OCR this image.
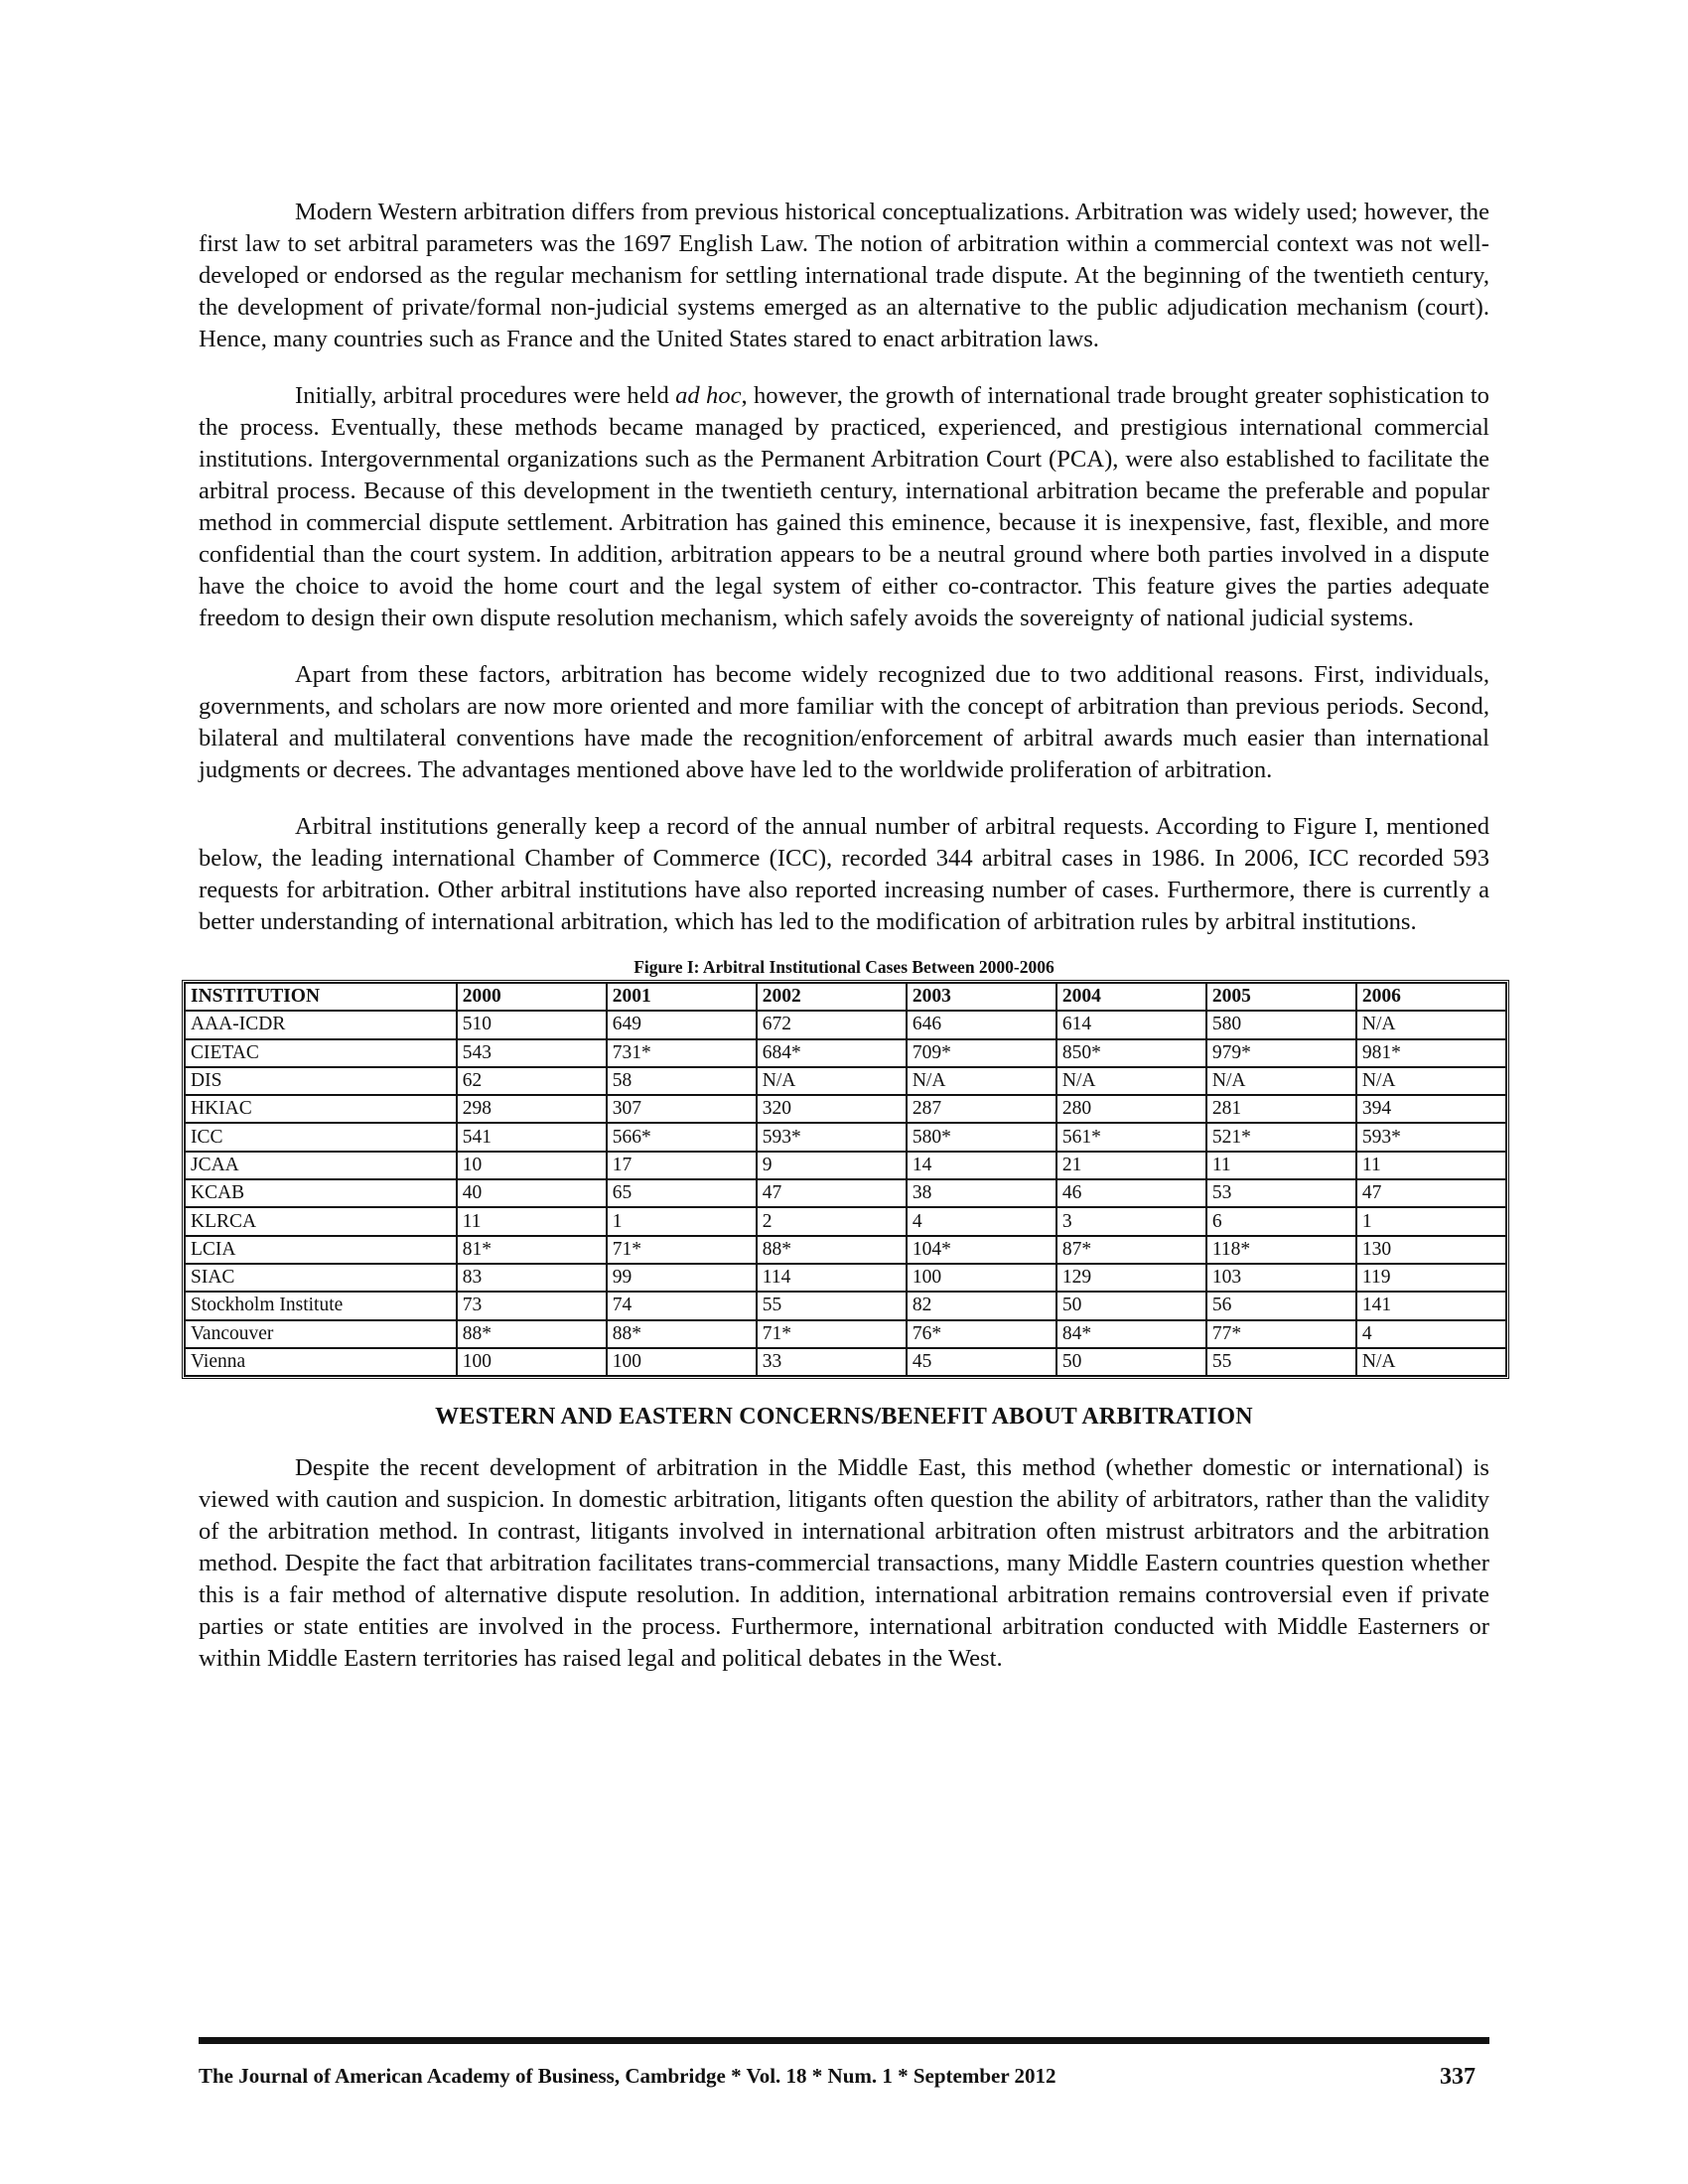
Modern Western arbitration differs from previous historical conceptualizations. Arbitration was widely used; however, the first law to set arbitral parameters was the 1697 English Law. The notion of arbitration within a commercial context was not well-developed or endorsed as the regular mechanism for settling international trade dispute. At the beginning of the twentieth century, the development of private/formal non-judicial systems emerged as an alternative to the public adjudication mechanism (court). Hence, many countries such as France and the United States stared to enact arbitration laws.

Initially, arbitral procedures were held ad hoc, however, the growth of international trade brought greater sophistication to the process. Eventually, these methods became managed by practiced, experienced, and prestigious international commercial institutions. Intergovernmental organizations such as the Permanent Arbitration Court (PCA), were also established to facilitate the arbitral process. Because of this development in the twentieth century, international arbitration became the preferable and popular method in commercial dispute settlement. Arbitration has gained this eminence, because it is inexpensive, fast, flexible, and more confidential than the court system. In addition, arbitration appears to be a neutral ground where both parties involved in a dispute have the choice to avoid the home court and the legal system of either co-contractor. This feature gives the parties adequate freedom to design their own dispute resolution mechanism, which safely avoids the sovereignty of national judicial systems.

Apart from these factors, arbitration has become widely recognized due to two additional reasons. First, individuals, governments, and scholars are now more oriented and more familiar with the concept of arbitration than previous periods. Second, bilateral and multilateral conventions have made the recognition/enforcement of arbitral awards much easier than international judgments or decrees. The advantages mentioned above have led to the worldwide proliferation of arbitration.

Arbitral institutions generally keep a record of the annual number of arbitral requests. According to Figure I, mentioned below, the leading international Chamber of Commerce (ICC), recorded 344 arbitral cases in 1986. In 2006, ICC recorded 593 requests for arbitration. Other arbitral institutions have also reported increasing number of cases. Furthermore, there is currently a better understanding of international arbitration, which has led to the modification of arbitration rules by arbitral institutions.

Figure I: Arbitral Institutional Cases Between 2000-2006
INSTITUTION	2000	2001	2002	2003	2004	2005	2006
AAA-ICDR	510	649	672	646	614	580	N/A
CIETAC	543	731*	684*	709*	850*	979*	981*
DIS	62	58	N/A	N/A	N/A	N/A	N/A
HKIAC	298	307	320	287	280	281	394
ICC	541	566*	593*	580*	561*	521*	593*
JCAA	10	17	9	14	21	11	11
KCAB	40	65	47	38	46	53	47
KLRCA	11	1	2	4	3	6	1
LCIA	81*	71*	88*	104*	87*	118*	130
SIAC	83	99	114	100	129	103	119
Stockholm Institute	73	74	55	82	50	56	141
Vancouver	88*	88*	71*	76*	84*	77*	4
Vienna	100	100	33	45	50	55	N/A
WESTERN AND EASTERN CONCERNS/BENEFIT ABOUT ARBITRATION

Despite the recent development of arbitration in the Middle East, this method (whether domestic or international) is viewed with caution and suspicion. In domestic arbitration, litigants often question the ability of arbitrators, rather than the validity of the arbitration method. In contrast, litigants involved in international arbitration often mistrust arbitrators and the arbitration method. Despite the fact that arbitration facilitates trans-commercial transactions, many Middle Eastern countries question whether this is a fair method of alternative dispute resolution. In addition, international arbitration remains controversial even if private parties or state entities are involved in the process. Furthermore, international arbitration conducted with Middle Easterners or within Middle Eastern territories has raised legal and political debates in the West.

The Journal of American Academy of Business, Cambridge * Vol. 18 * Num. 1 * September 2012	337
